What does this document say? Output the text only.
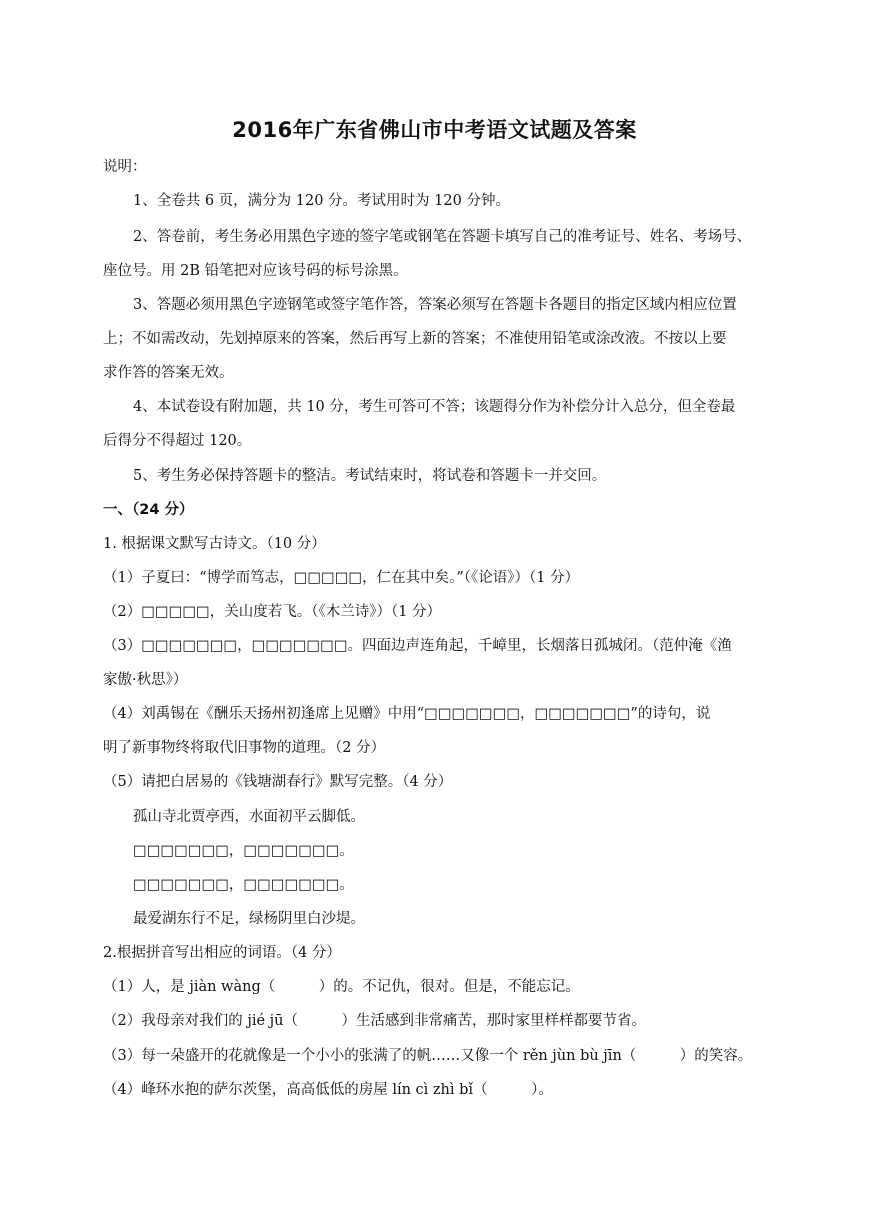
2016年广东省佛山市中考语文试题及答案
说明：
1、全卷共 6 页，满分为 120 分。考试用时为 120 分钟。
2、答卷前，考生务必用黑色字迹的签字笔或钢笔在答题卡填写自己的准考证号、姓名、考场号、
座位号。用 2B 铅笔把对应该号码的标号涂黑。
3、答题必须用黑色字迹钢笔或签字笔作答，答案必须写在答题卡各题目的指定区域内相应位置
上；不如需改动，先划掉原来的答案，然后再写上新的答案；不准使用铅笔或涂改液。不按以上要
求作答的答案无效。
4、本试卷设有附加题，共 10 分，考生可答可不答；该题得分作为补偿分计入总分，但全卷最
后得分不得超过 120。
5、考生务必保持答题卡的整洁。考试结束时，将试卷和答题卡一并交回。
一、（24 分）
1. 根据课文默写古诗文。（10 分）
（1）子夏曰：“博学而笃志，□□□□□，仁在其中矣。”（《论语》）（1 分）
（2）□□□□□，关山度若飞。（《木兰诗》）（1 分）
（3）□□□□□□□，□□□□□□□。四面边声连角起，千嶂里，长烟落日孤城闭。（范仲淹《渔
家傲·秋思》）
（4）刘禹锡在《酬乐天扬州初逢席上见赠》中用“□□□□□□□，□□□□□□□”的诗句，说
明了新事物终将取代旧事物的道理。（2 分）
（5）请把白居易的《钱塘湖春行》默写完整。（4 分）
孤山寺北贾亭西，水面初平云脚低。
□□□□□□□，□□□□□□□。
□□□□□□□，□□□□□□□。
最爱湖东行不足，绿杨阴里白沙堤。
2.根据拼音写出相应的词语。（4 分）
（1）人，是 jiàn wàng（　　　）的。不记仇，很对。但是，不能忘记。
（2）我母亲对我们的 jié jū（　　　）生活感到非常痛苦，那时家里样样都要节省。
（3）每一朵盛开的花就像是一个小小的张满了的帆……又像一个 rěn jùn bù jīn（　　　）的笑容。
（4）峰环水抱的萨尔茨堡，高高低低的房屋 lín cì zhì bǐ（　　　）。
